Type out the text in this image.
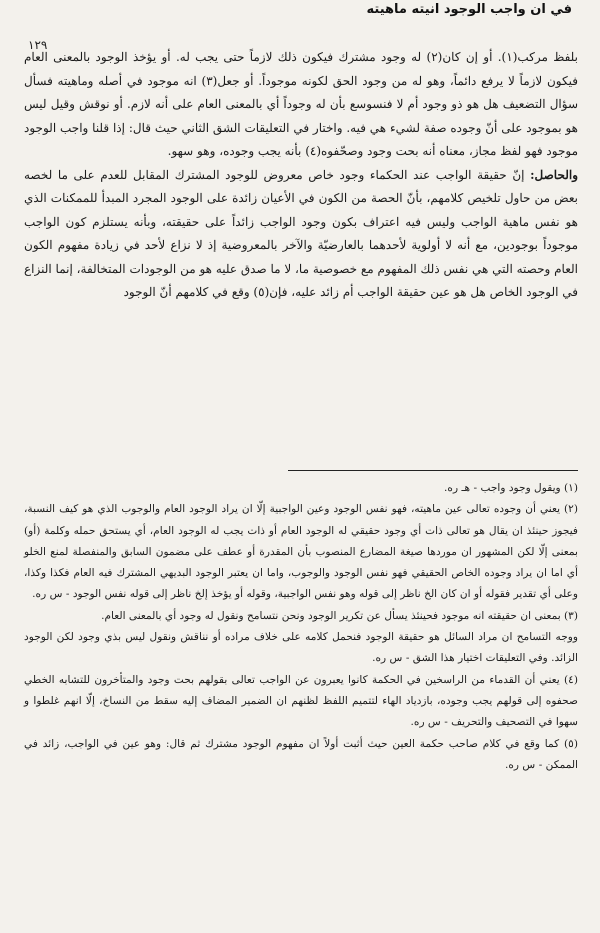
في ان واجب الوجود انيته ماهيته
١٢٩

بلفظ مركب(١). أو إن كان(٢) له وجود مشترك فيكون ذلك لازماً حتى يجب له. أو يؤخذ الوجود بالمعنى العام فيكون لازماً لا يرفع دائماً، وهو له من وجود الحق لكونه موجوداً. أو جعل(٣) انه موجود في أصله وماهيته فسأل سؤال التضعيف هل هو ذو وجود أم لا فنسوسع بأن له وجوداً أي بالمعنى العام على أنه لازم. أو نوقش وقيل ليس هو بموجود على أنّ وجوده صفة لشيء هي فيه. واختار في التعليقات الشق الثاني حيث قال: إذا قلنا واجب الوجود موجود فهو لفظ مجاز، معناه أنه بحت وجود وصحّفوه(٤) بأنه يجب وجوده، وهو سهو.

والحاصل: إنّ حقيقة الواجب عند الحكماء وجود خاص معروض للوجود المشترك المقابل للعدم على ما لخصه بعض من حاول تلخيص كلامهم، بأنّ الحصة من الكون في الأعيان زائدة على الوجود المجرد المبدأ للممكنات الذي هو نفس ماهية الواجب وليس فيه اعتراف بكون وجود الواجب زائداً على حقيقته، وبأنه يستلزم كون الواجب موجوداً بوجودين، مع أنه لا أولوية لأحدهما بالعارضيّة والآخر بالمعروضية إذ لا نزاع لأحد في زيادة مفهوم الكون العام وحصته التي هي نفس ذلك المفهوم مع خصوصية ما، لا ما صدق عليه هو من الوجودات المتخالفة، إنما النزاع في الوجود الخاص هل هو عين حقيقة الواجب أم زائد عليه، فإن(٥) وقع في كلامهم أنّ الوجود

(١) ويقول وجود واجب - هـ ره.

(٢) يعني أن وجوده تعالى عين ماهيته، فهو نفس الوجود وعين الواجبية إلّا ان يراد الوجود العام والوجوب الذي هو كيف النسبة، فيجوز حينئذ ان يقال هو تعالى ذات أي وجود حقيقي له الوجود العام أو ذات يجب له الوجود العام، أي يستحق حمله وكلمة (أو) بمعنى إلّا لكن المشهور ان موردها صيغة المضارع المنصوب بأن المقدرة أو عطف على مضمون السابق والمنفصلة لمنع الخلو أي اما ان يراد وجوده الخاص الحقيقي فهو نفس الوجود والوجوب، واما ان يعتبر الوجود البديهي المشترك فيه العام فكذا وكذا، وعلى أي تقدير فقوله أو ان كان الخ ناظر إلى قوله وهو نفس الواجبية، وقوله أو يؤخذ إلخ ناظر إلى قوله نفس الوجود - س ره.

(٣) بمعنى ان حقيقته انه موجود فحينئذ يسأل عن تكرير الوجود ونحن نتسامح ونقول له وجود أي بالمعنى العام.

ووجه التسامح ان مراد السائل هو حقيقة الوجود فنحمل كلامه على خلاف مراده أو نناقش ونقول ليس بذي وجود لكن الوجود الزائد. وفي التعليقات اختيار هذا الشق - س ره.

(٤) يعني أن القدماء من الراسخين في الحكمة كانوا يعبرون عن الواجب تعالى بقولهم بحت وجود والمتأخرون للتشابه الخطي صحفوه إلى قولهم يجب وجوده، بازدياد الهاء لتتميم اللفظ لظنهم ان الضمير المضاف إليه سقط من النساخ، إلّا انهم غلطوا و سهوا في التصحيف والتحريف - س ره.

(٥) كما وقع في كلام صاحب حكمة العين حيث أثبت أولاً ان مفهوم الوجود مشترك ثم قال: وهو عين في الواجب، زائد في الممكن - س ره.
